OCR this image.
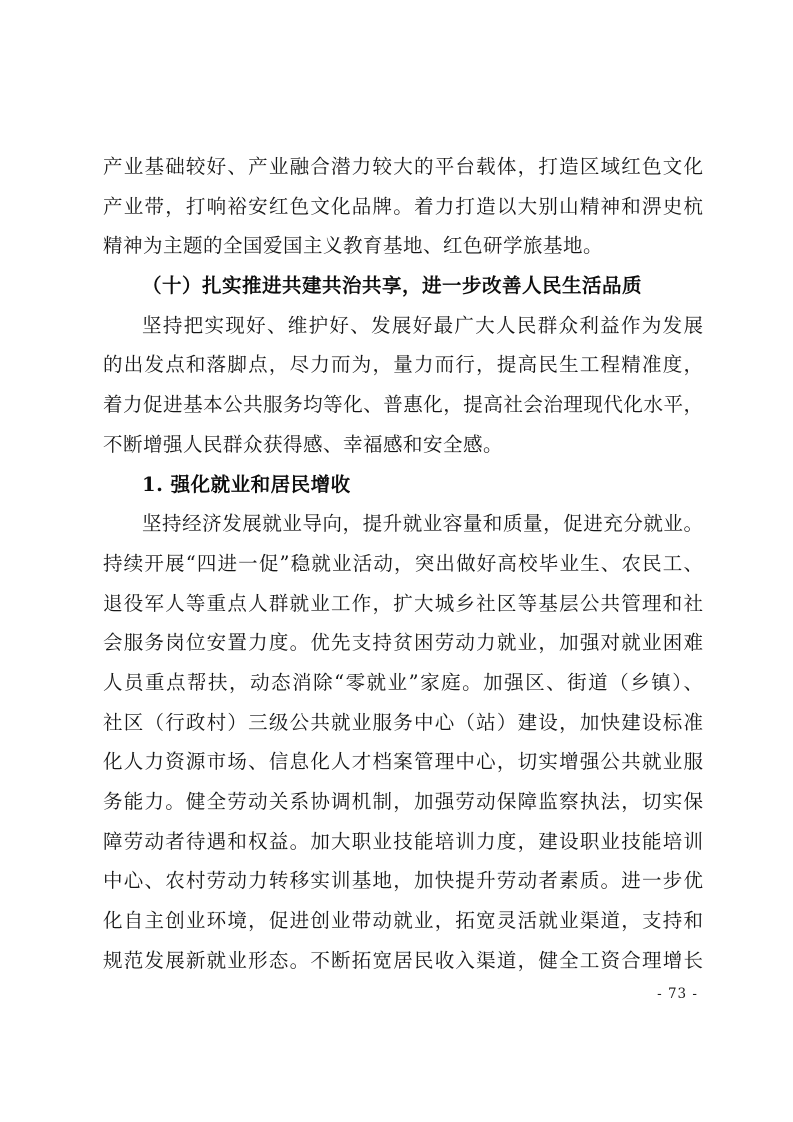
产业基础较好、产业融合潜力较大的平台载体，打造区域红色文化
产业带，打响裕安红色文化品牌。着力打造以大别山精神和淠史杭
精神为主题的全国爱国主义教育基地、红色研学旅基地。
（十）扎实推进共建共治共享，进一步改善人民生活品质
坚持把实现好、维护好、发展好最广大人民群众利益作为发展
的出发点和落脚点，尽力而为，量力而行，提高民生工程精准度，
着力促进基本公共服务均等化、普惠化，提高社会治理现代化水平，
不断增强人民群众获得感、幸福感和安全感。
1. 强化就业和居民增收
坚持经济发展就业导向，提升就业容量和质量，促进充分就业。
持续开展“四进一促”稳就业活动，突出做好高校毕业生、农民工、
退役军人等重点人群就业工作，扩大城乡社区等基层公共管理和社
会服务岗位安置力度。优先支持贫困劳动力就业，加强对就业困难
人员重点帮扶，动态消除“零就业”家庭。加强区、街道（乡镇）、
社区（行政村）三级公共就业服务中心（站）建设，加快建设标准
化人力资源市场、信息化人才档案管理中心，切实增强公共就业服
务能力。健全劳动关系协调机制，加强劳动保障监察执法，切实保
障劳动者待遇和权益。加大职业技能培训力度，建设职业技能培训
中心、农村劳动力转移实训基地，加快提升劳动者素质。进一步优
化自主创业环境，促进创业带动就业，拓宽灵活就业渠道，支持和
规范发展新就业形态。不断拓宽居民收入渠道，健全工资合理增长
- 73 -
